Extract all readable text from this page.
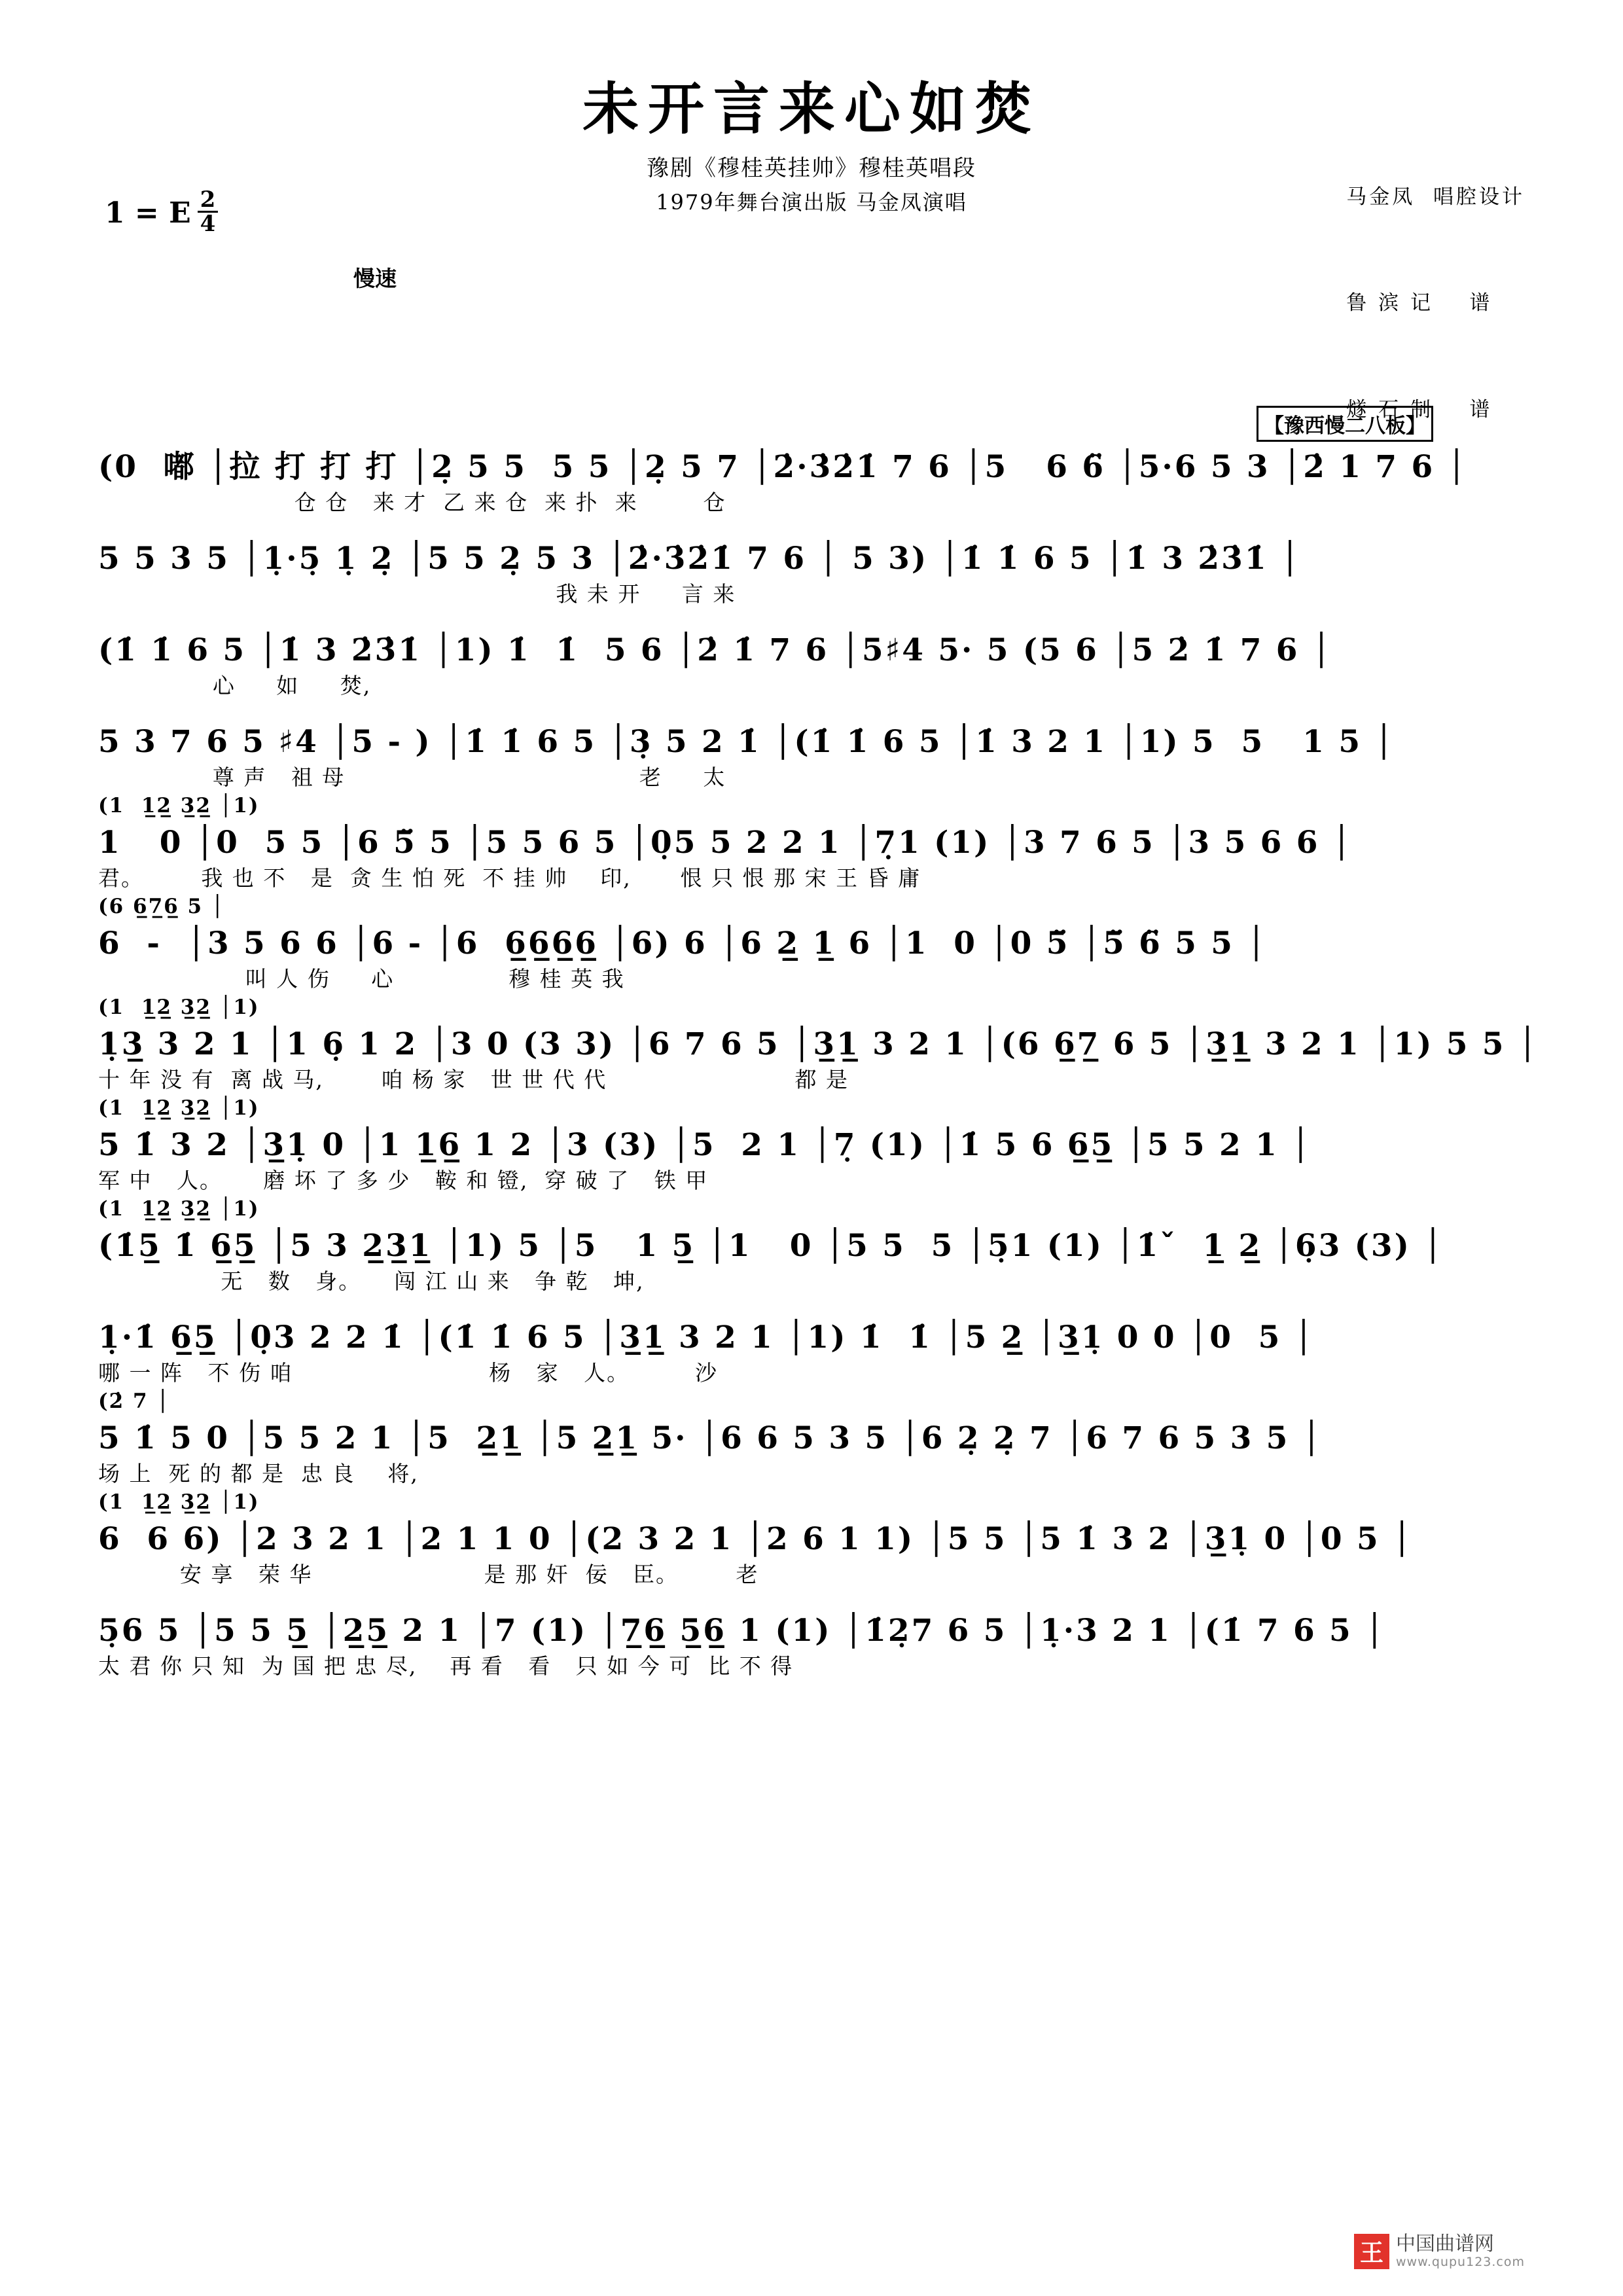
未开言来心如焚
豫剧《穆桂英挂帅》穆桂英唱段
1979年舞台演出版 马金凤演唱

	马金凤  唱腔设计

鲁 滨 记    谱

燧 石 制    谱

1 = E $\frac{2}{4}$
慢速
【豫西慢二八板】
(0  嘟 │拉 打 打 打 │2̣ 5 5  5 5 │2̣ 5 7 │2̇·3̇2̇1̇ 7 6 │5   6 6̈ │5·6 5 3 │2̇ 1 7 6 │
仓 仓   来 才  乙 来 仓  来 扑  来        仓
5 5 3 5 │1̣·5̣ 1̣ 2̣ │5 5 2̣ 5 3 │2̇·3̇2̇1̇ 7 6 │ 5 3) │1̇ 1̇ 6 5 │1̇ 3 2̇3̇1̇ │
我 未 开     言 来
(1̇ 1̇ 6 5 │1̇ 3 2̇3̇1̇ │1) 1̇  1̇  5 6 │2̇ 1̇ 7 6 │5♯4 5· 5 (5 6 │5 2̇ 1̇ 7 6 │
心     如     焚,
5 3 7 6 5 ♯4 │5 - ) │1̇ 1̇ 6 5 │3̣ 5 2 1̇ │(1̇ 1̇ 6 5 │1̇ 3 2 1 │1) 5  5   1 5 │
尊 声   祖 母                                    老     太
(1  1̲2̲ 3̲2̲ │1)
1   0 │0  5 5 │6 5̈ 5 │5 5 6 5 │0̣5 5 2 2 1 │7̣1 (1) │3 7 6 5 │3 5 6 6 │
君。       我 也 不   是  贪 生 怕 死  不 挂 帅    印,      恨 只 恨 那 宋 王 昏 庸
(6 6̲7̲6̲ 5 │
6  -  │3 5 6 6 │6 - │6  6̲6̲6̲6̲ │6) 6 │6 2̲ 1̲ 6 │1  0 │0 5̈ │5̈ 6̈ 5 5 │
叫 人 伤     心              穆 桂 英 我
(1  1̲2̲ 3̲2̲ │1)
1̣3̲ 3 2 1 │1 6̣ 1 2 │3 0 (3 3) │6 7 6 5 │3̲1̲ 3 2 1 │(6 6̲7̲ 6 5 │3̲1̲ 3 2 1 │1) 5 5 │
十 年 没 有  离 战 马,       咱 杨 家   世 世 代 代                       都 是
(1  1̲2̲ 3̲2̲ │1)
5 1̇ 3 2 │3̲1̣ 0 │1 1̲6̲ 1 2 │3 (3) │5  2 1 │7̣ (1) │1̇ 5 6 6̲5̲ │5 5 2 1 │
军 中   人。     磨 坏 了 多 少   鞍 和 镫,  穿 破 了   铁 甲
(1  1̲2̲ 3̲2̲ │1)
(1̇5̲ 1̇ 6̲5̲ │5 3 2̲3̲1̲ │1) 5 │5   1 5̲ │1   0 │5 5  5 │5̣1 (1) │1̇ˇ  1̲ 2̲ │6̣3 (3) │
无   数   身。    闯 江 山 来   争 乾   坤,
1̣·1̇ 6̲5̲ │0̣3 2 2 1̇ │(1̇ 1̇ 6 5 │3̲1̲ 3 2 1 │1) 1̇  1̇ │5 2̲ │3̲1̣ 0 0 │0  5 │
哪 一 阵   不 伤 咱                        杨   家   人。        沙
(2̇ 7 │
5 1̇ 5 0 │5 5 2 1 │5  2̲1̲ │5 2̲1̲ 5· │6 6 5 3 5 │6 2̣ 2̣ 7 │6 7 6 5 3 5 │
场 上  死 的 都 是  忠 良    将,
(1  1̲2̲ 3̲2̲ │1)
6  6 6) │2 3 2 1 │2 1 1 0 │(2 3 2 1 │2 6 1 1) │5 5 │5 1̇ 3 2 │3̲1̣ 0 │0 5 │
安 享   荣 华                     是 那 奸  佞   臣。       老
5̣6 5 │5 5 5̲ │2̲5̲ 2 1 │7 (1) │7̲6̲ 5̲6̲ 1 (1) │1̇2̣7 6 5 │1̣·3 2 1 │(1̇ 7 6 5 │
太 君 你 只 知  为 国 把 忠 尽,    再 看   看   只 如 今 可  比 不 得
王 中国曲谱网
www.qupu123.com
